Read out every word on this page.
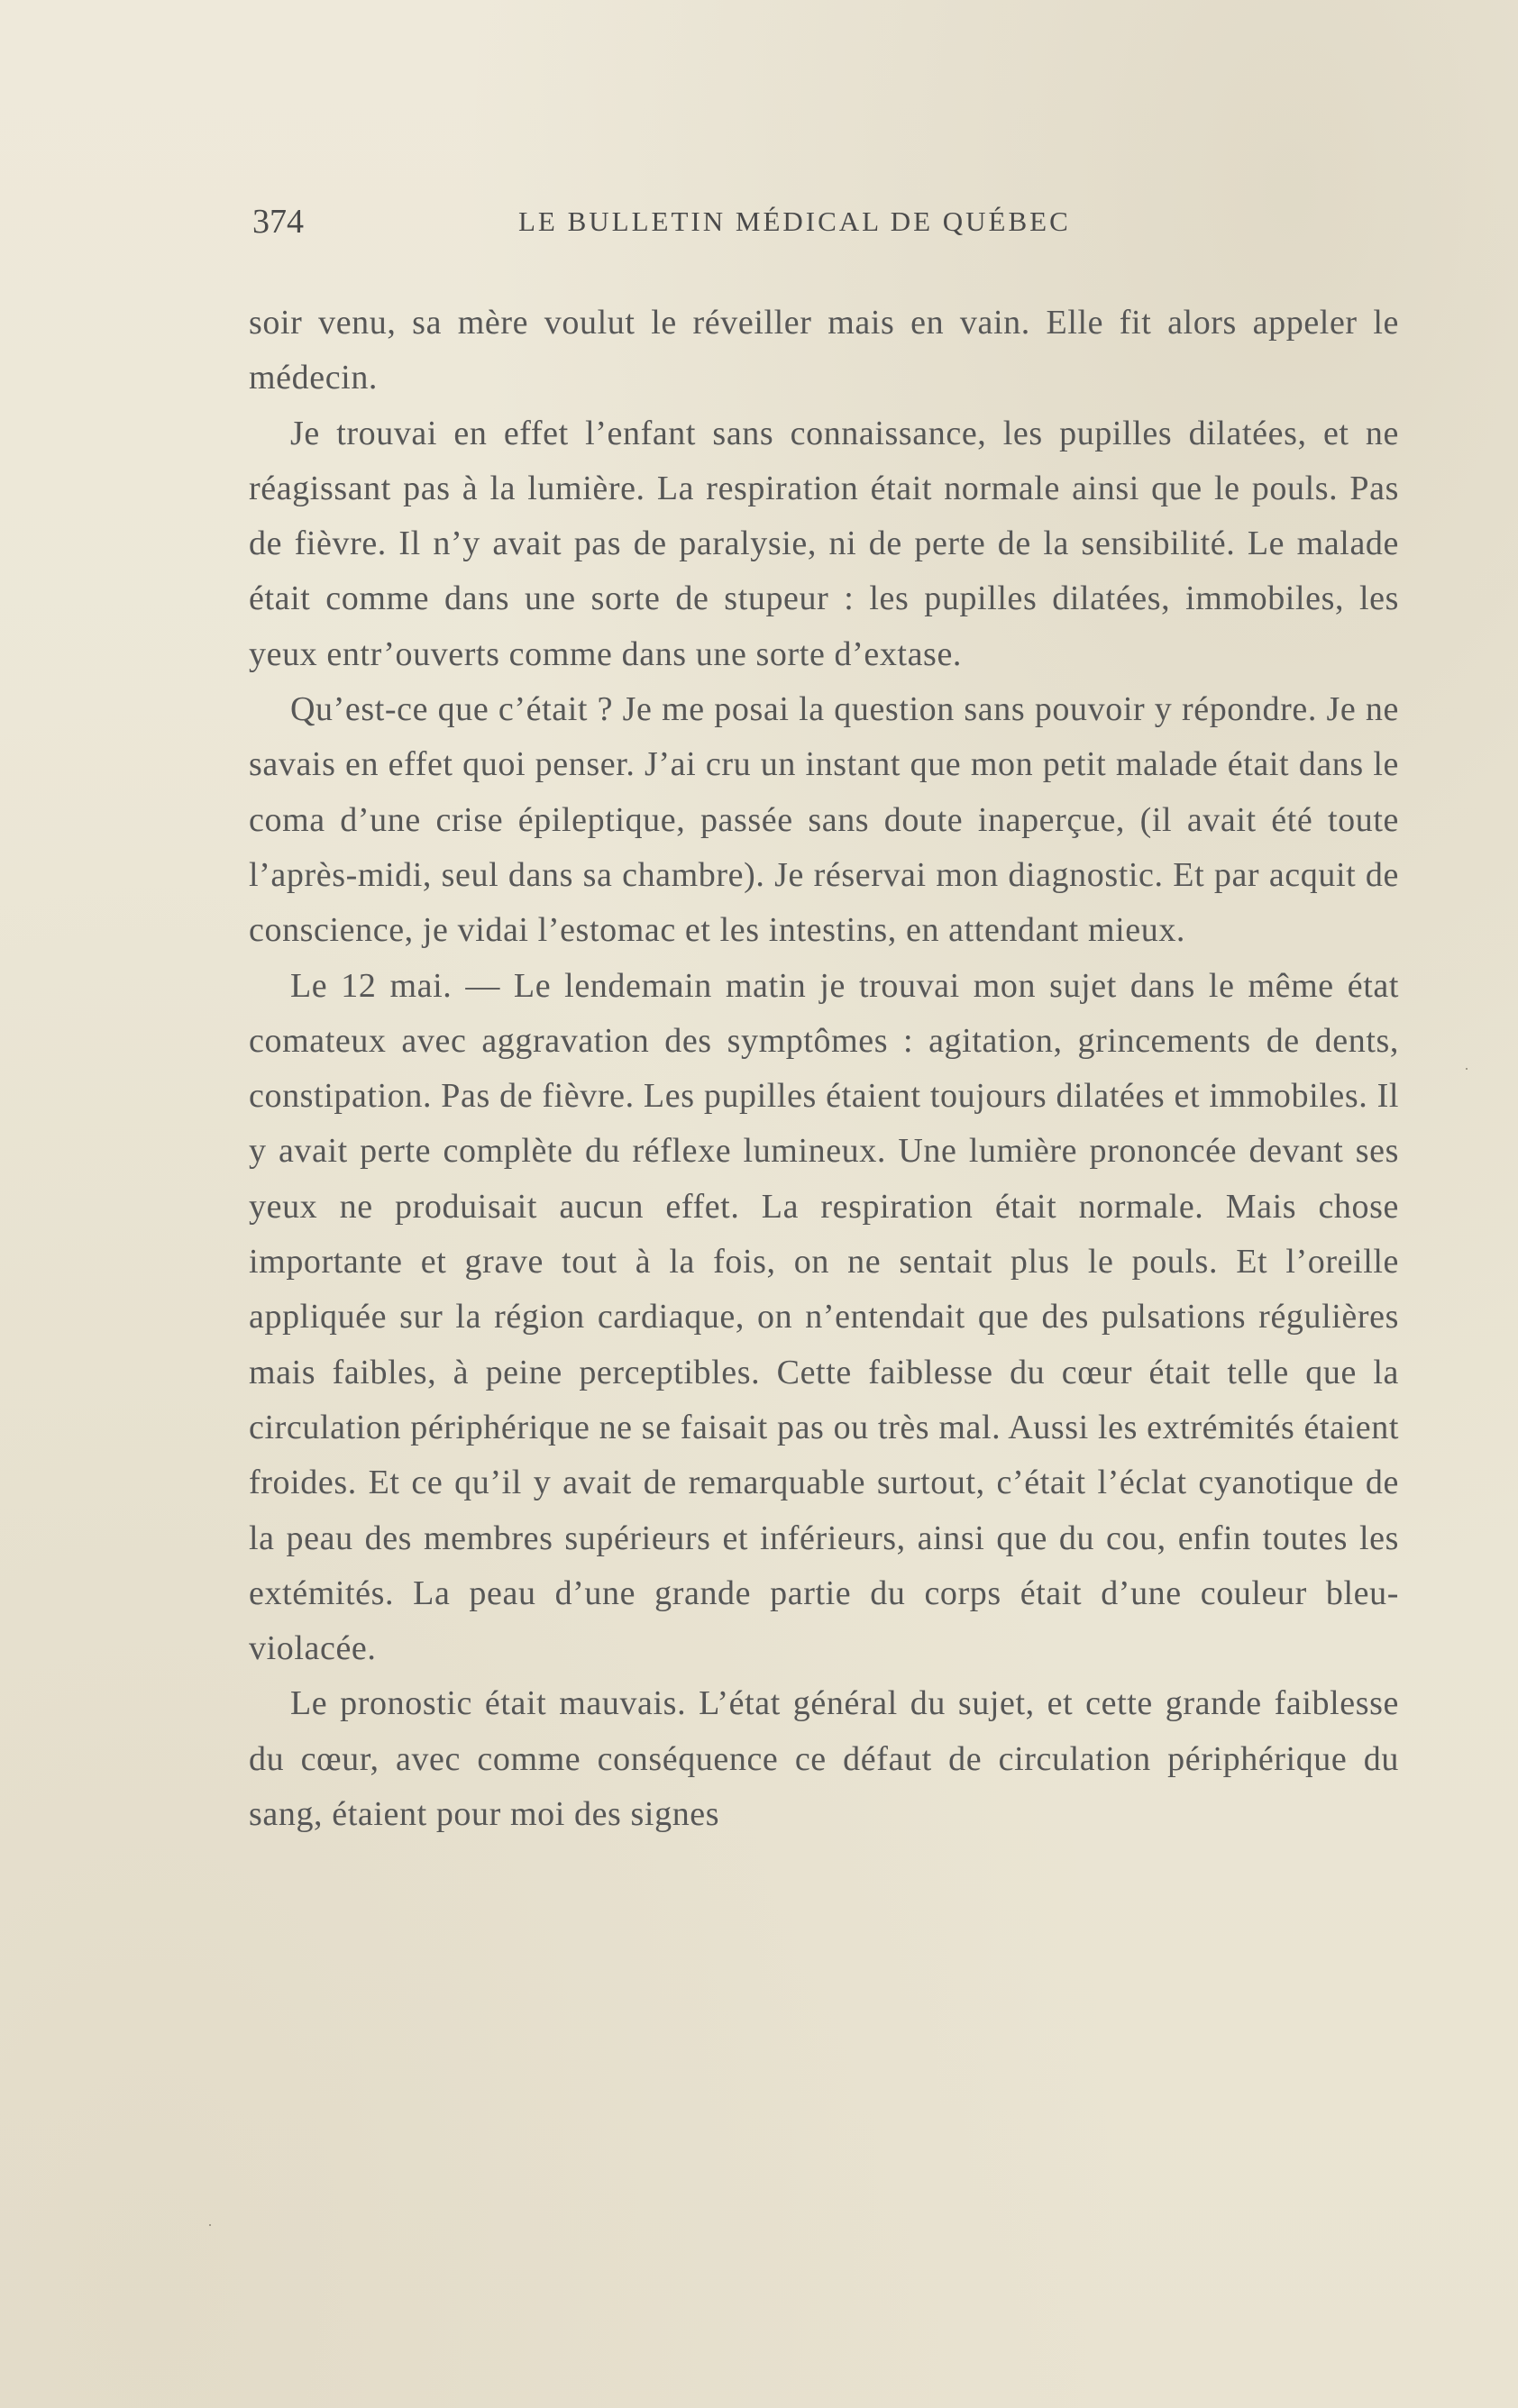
374	LE BULLETIN MÉDICAL DE QUÉBEC

soir venu, sa mère voulut le réveiller mais en vain. Elle fit alors appeler le médecin.

Je trouvai en effet l’enfant sans connaissance, les pupilles dilatées, et ne réagissant pas à la lumière. La respiration était normale ainsi que le pouls. Pas de fièvre. Il n’y avait pas de paralysie, ni de perte de la sensibilité. Le malade était comme dans une sorte de stupeur : les pupilles dilatées, immobiles, les yeux entr’ouverts comme dans une sorte d’extase.

Qu’est-ce que c’était ? Je me posai la question sans pouvoir y répondre. Je ne savais en effet quoi penser. J’ai cru un instant que mon petit malade était dans le coma d’une crise épileptique, passée sans doute inaperçue, (il avait été toute l’après-midi, seul dans sa chambre). Je réservai mon diagnostic. Et par acquit de conscience, je vidai l’estomac et les intestins, en attendant mieux.

Le 12 mai. — Le lendemain matin je trouvai mon sujet dans le même état comateux avec aggravation des symptômes : agitation, grincements de dents, constipation. Pas de fièvre. Les pupilles étaient toujours dilatées et immobiles. Il y avait perte complète du réflexe lumineux. Une lumière prononcée devant ses yeux ne produisait aucun effet. La respiration était normale. Mais chose importante et grave tout à la fois, on ne sentait plus le pouls. Et l’oreille appliquée sur la région cardiaque, on n’entendait que des pulsations régulières mais faibles, à peine perceptibles. Cette faiblesse du cœur était telle que la circulation périphérique ne se faisait pas ou très mal. Aussi les extrémités étaient froides. Et ce qu’il y avait de remarquable surtout, c’était l’éclat cyanotique de la peau des membres supérieurs et inférieurs, ainsi que du cou, enfin toutes les extémités. La peau d’une grande partie du corps était d’une couleur bleu-violacée.

Le pronostic était mauvais. L’état général du sujet, et cette grande faiblesse du cœur, avec comme conséquence ce défaut de circulation périphérique du sang, étaient pour moi des signes
